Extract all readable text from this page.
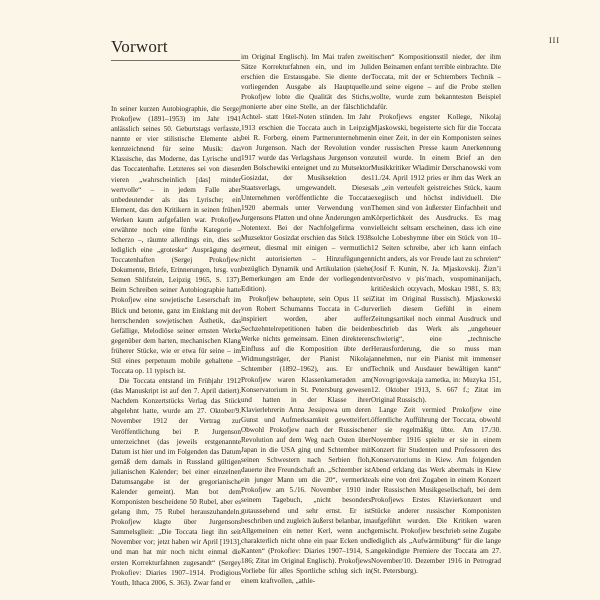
Vorwort	III
In seiner kurzen Autobiographie, die Sergej Prokofjew (1891–1953) im Jahr 1941 anlässlich seines 50. Geburtstags verfasste, nannte er vier stilistische Elemente als kennzeichnend für seine Musik: das Klassische, das Moderne, das Lyrische und das Toccatenhafte. Letzteres sei von diesen vieren „wahrscheinlich [das] minder wertvolle“ – in jedem Falle aber unbedeutender als das Lyrische; ein Element, das den Kritikern in seinen frühen Werken kaum aufgefallen war. Prokofjew erwähnte noch eine fünfte Kategorie – Scherzo –, räumte allerdings ein, dies sei lediglich eine „groteske“ Ausprägung des Toccatenhaften (Sergej Prokofjew: Dokumente, Briefe, Erinnerungen, hrsg. von Semen Shlifstein, Leipzig 1965, S. 137). Beim Schreiben seiner Autobiographie hatte Prokofjew eine sowjetische Leserschaft im Blick und betonte, ganz im Einklang mit der herrschenden sowjetischen Ästhetik, das Gefällige, Melodiöse seiner ernsten Werke gegenüber dem harten, mechanischen Klang früherer Stücke, wie er etwa für seine – im Stil eines perpetuum mobile gehaltene – Toccata op. 11 typisch ist.
Die Toccata entstand im Frühjahr 1912 (das Manuskript ist auf den 7. April datiert). Nachdem Konzertstücks Verlag das Stück abgelehnt hatte, wurde am 27. Oktober/9. November 1912 der Vertrag zur Veröffentlichung bei P. Jurgenson unterzeichnet (das jeweils erstgenannte Datum ist hier und im Folgenden das Datum gemäß dem damals in Russland gültigen julianischen Kalender; bei einer einzelnen Datumsangabe ist der gregorianische Kalender gemeint). Man bot dem Komponisten bescheidene 50 Rubel, aber es gelang ihm, 75 Rubel herauszuhandeln. Prokofjew klagte über Jurgensons Sammelsglieit: „Die Toccata liegt ihn seit November vor; jetzt haben wir April [1913], und man hat mir noch nicht einmal die ersten Korrekturfahnen zugesandt“ (Sergey Prokofiev: Diaries 1907–1914. Prodigious Youth, Ithaca 2006, S. 363). Zwar fand er
im Original Englisch). Im Mai trafen zwei Sätze Korrekturfahnen ein, und im Juli erschien die Erstausgabe. Sie diente der vorliegenden Ausgabe als Hauptquelle. Prokofjew lobte die Qualität des Stichs, monierte aber eine Stelle, an der fälschlich Achtel- statt 16tel-Noten stünden. Im Jahr 1913 erschien die Toccata auch in Leipzig bei R. Forberg, einem Partnerunternehmen von Jurgenson. Nach der Revolution von 1917 wurde das Verlagshaus Jurgenson von den Bolschewiki enteignet und zu Mutsektor Gosizdat, der Musiksektion des Staatsverlags, umgewandelt. Dieses Unternehmen veröffentlichte die Toccata 1920 abermals unter Verwendung von Jurgensons Platten und ohne Änderungen am Notentext. Bei der Nachfolgefirma von Muzsektor Gosizdat erschien das Stück 1938 erneut, diesmal mit einigen – vermutlich nicht autorisierten – Hinzufügungen bezüglich Dynamik und Artikulation (siehe Bemerkungen am Ende der vorliegenden Edition).
Prokofjew behauptete, sein Opus 11 sei von Robert Schumanns Toccata in C-dur inspiriert worden, aber auffer Sechzehntelrepetitionen haben die beiden Werke nichts gemeinsam. Einen direkteren Einfluss auf die Komposition übte der Widmungsträger, der Pianist Nikolaj Schtember (1892–1962), aus. Er und Prokofjew waren Klassenkameraden am Konservatorium in St. Petersburg gewesen und hatten in der Klasse ihrer Klavierlehrerin Anna Jessipowa um deren Gunst und Aufmerksamkeit gewetteifert. Obwohl Prokofjew nach der Russischen Revolution auf dem Weg nach Osten über Japan in die USA ging und Schtember mit seinen Schwestern nach Serbien floh, dauerte ihre Freundschaft an. „Schtember ist ein junger Mann um die 20“, vermerkte Prokofjew am 5./16. November 1910 in seinem Tagebuch, „nicht besonders gutaussehend und sehr ernst. Er ist beschriben und zugleich äußerst belanbar, im Allgemeinen ein netter Kerl, wenn auch charakterlich nicht ohne ein paar Ecken und Kanten“ (Prokofiev: Diaries 1907–1914, S. 186; Zitat im Original Englisch). Prokofjews Vorliebe für alles Sportliche schlug sich in einem kraftvollen, „athle-
tischen“ Kompositionsstil nieder, der ihm den Beinamen enfant terrible einbrachte. Die Toccata, mit der er Schtembers Technik – und seine eigene – auf die Probe stellen wollte, wurde zum bekanntesten Beispiel dafür.
Prokofjews engster Kollege, Nikolaj Mjaskowski, begeisterte sich für die Toccata in einer Zeit, in der ein Komponisten seines der russischen Presse kaum Anerkennung zuteil wurde. In einem Brief an den Musikkritiker Wladimir Derschanowski vom 11./24. April 1912 pries er ihm das Werk an als „ein verteufelt geistreiches Stück, kaum exegiisch und höchst individuell. Die Themen sind von äußerster Einfachheit und Körperlichkeit des Ausdrucks. Es mag vielleicht seltsam erscheinen, dass ich eine solche Lobeshymne über ein Stück von 10–12 Seiten schreibe, aber ich kann einfach nicht anders, als vor Freude laut zu schreien“ (Josif F. Kunin, N. Ja. Mjaskovskij. Žizn’i tvorčestvo v pis’mach, vospominanijach, kritičeskich otzyvach, Moskau 1981, S. 83; Zitat im Original Russisch). Mjaskowski verlieh diesem Gefühl in einem Zeitungsartikel noch einmal Ausdruck und beschrieb das Werk als „ungeheuer schwierig“, eine „technische Herausforderung, die so muss man annehmen, nur ein Pianist mit immenser Technik und Ausdauer bewältigen kann“ (Novogrigovskaja zametka, in: Muzyka 151, 12. Oktober 1913, S. 667 f.; Zitat im Original Russisch).
Lange Zeit vermied Prokofjew eine öffentliche Aufführung der Toccata, obwohl er sie regelmäßig übte. Am 17./30. November 1916 spielte er sie in einem Konzert für Studenten und Professoren des Konservatoriums in Kiew. Am folgenden Abend erklang das Werk abermals in Kiew als eine von drei Zugaben in einem Konzert der Russischen Musikgesellschaft, bei dem Prokofjews Erstes Klavierkonzert und Stücke anderer russischer Komponisten aufgeführt wurden. Die Kritiken waren gemischt. Prokofjew beschrieb seine Zugabe lediglich als „Aufwärmübung“ für die lange angekündigte Premiere der Toccata am 27. November/10. Dezember 1916 in Petrograd (St. Petersburg).
